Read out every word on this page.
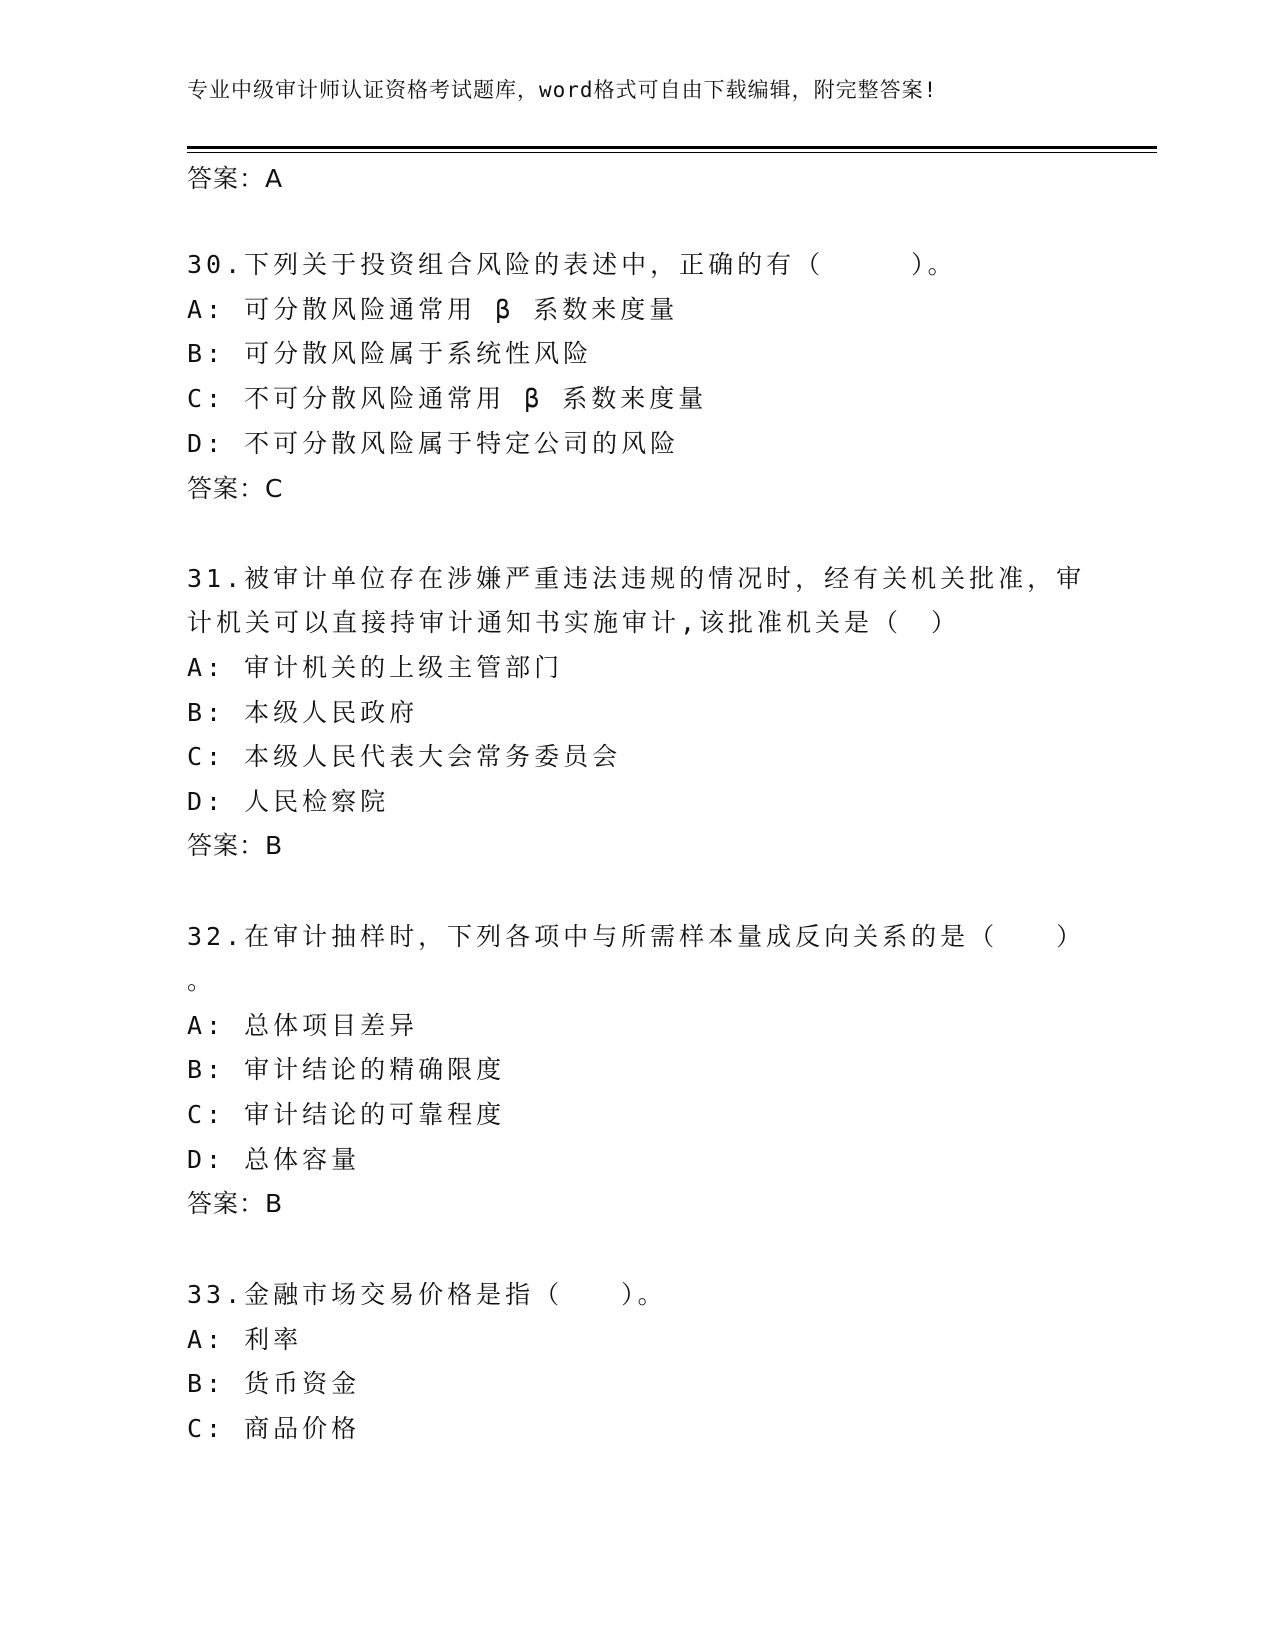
专业中级审计师认证资格考试题库，word格式可自由下载编辑，附完整答案!
答案：A
30.下列关于投资组合风险的表述中，正确的有（　　　）。
A: 可分散风险通常用 β 系数来度量
B: 可分散风险属于系统性风险
C: 不可分散风险通常用 β 系数来度量
D: 不可分散风险属于特定公司的风险
答案：C
31.被审计单位存在涉嫌严重违法违规的情况时，经有关机关批准，审
计机关可以直接持审计通知书实施审计,该批准机关是（　）
A: 审计机关的上级主管部门
B: 本级人民政府
C: 本级人民代表大会常务委员会
D: 人民检察院
答案：B
32.在审计抽样时，下列各项中与所需样本量成反向关系的是（　　）
。
A: 总体项目差异
B: 审计结论的精确限度
C: 审计结论的可靠程度
D: 总体容量
答案：B
33.金融市场交易价格是指（　　）。
A: 利率
B: 货币资金
C: 商品价格
